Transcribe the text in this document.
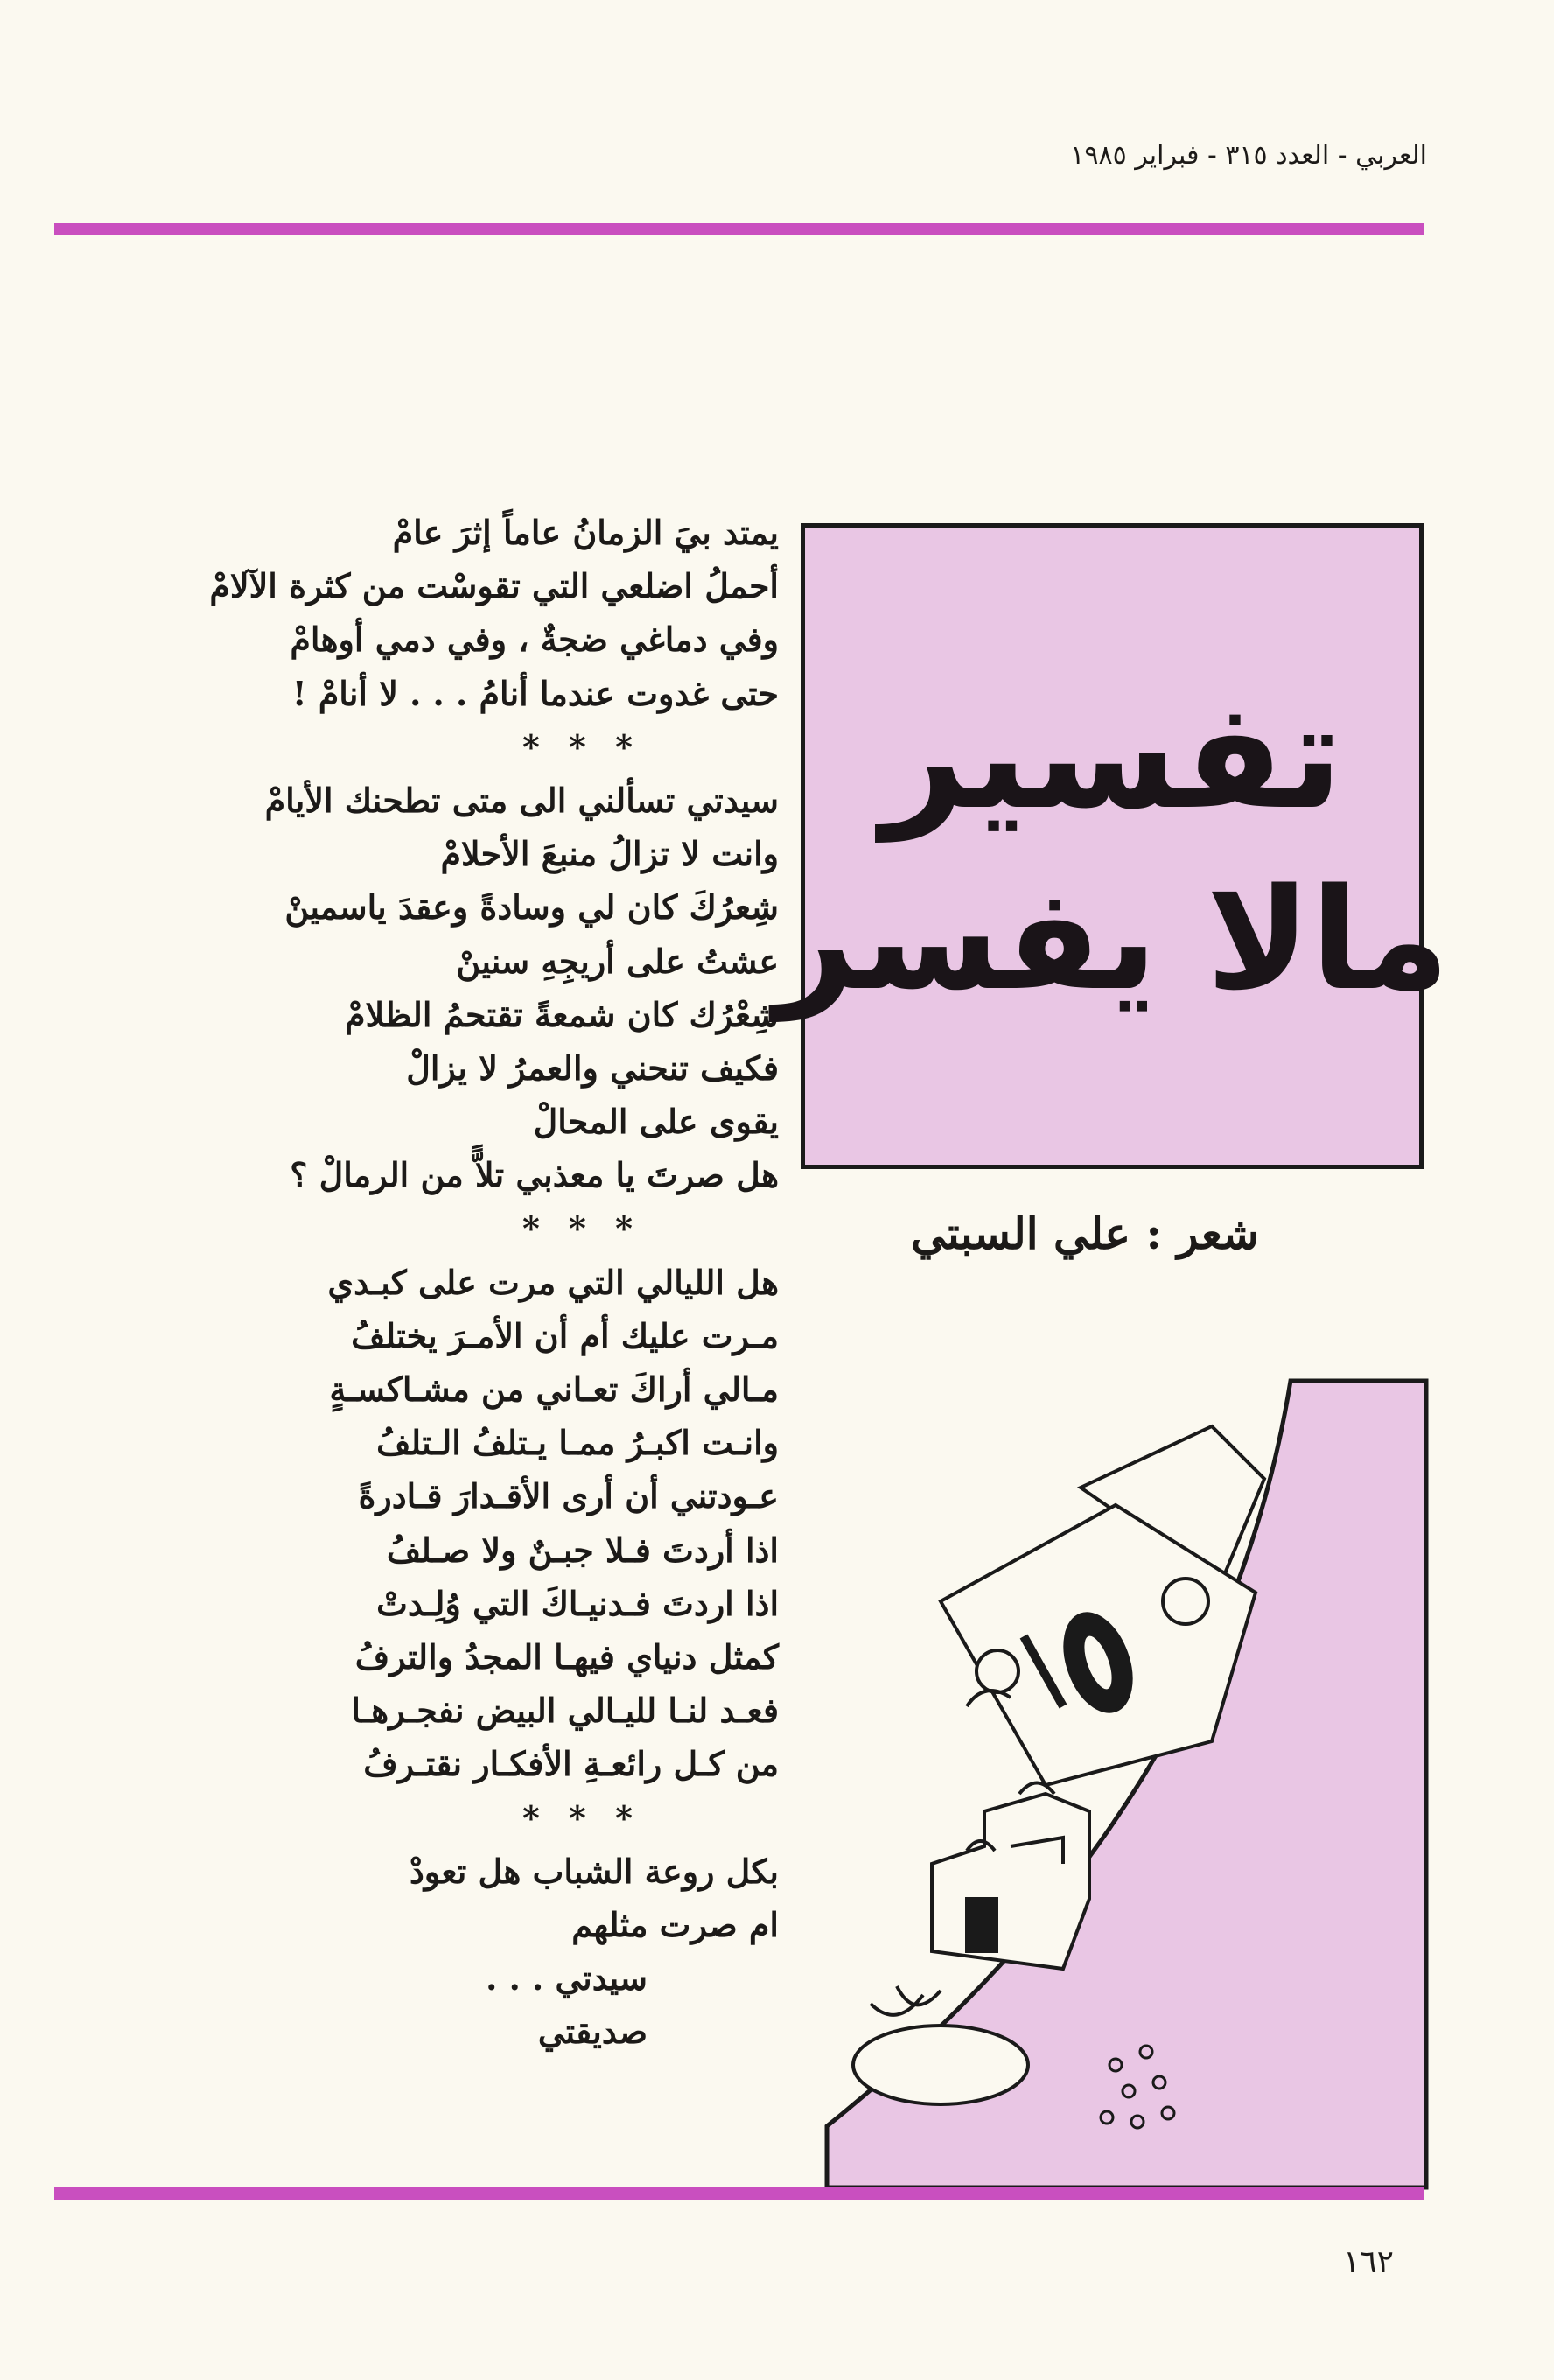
العربي - العدد ٣١٥ - فبراير ١٩٨٥
يمتد بيَ الزمانُ عاماً إثرَ عامْ
أحملُ اضلعي التي تقوسْت من كثرة الآلامْ
وفي دماغي ضجةٌ ، وفي دمي أوهامْ
حتى غدوت عندما أنامُ . . . لا أنامْ !
* * *
سيدتي تسألني الى متى تطحنك الأيامْ
وانت لا تزالُ منبعَ الأحلامْ
شِعرُكَ كان لي وسادةً وعقدَ ياسمينْ
عشتُ على أريجِهِ سنينْ
شِعْرُك كان شمعةً تقتحمُ الظلامْ
فكيف تنحني والعمرُ لا يزالْ
يقوى على المحالْ
هل صرتَ يا معذبي تلاًّ من الرمالْ ؟
* * *
هل الليالي التي مرت على كبـدي
مـرت عليك أم أن الأمـرَ يختلفُ
مـالي أراكَ تعـاني من مشـاكسـةٍ
وانـت اكبـرُ ممـا يـتلفُ الـتلفُ
عـودتني أن أرى الأقـدارَ قـادرةً
اذا أردتَ فـلا جبـنٌ ولا صـلفُ
اذا اردتَ فـدنيـاكَ التي وُلِـدتْ
كمثل دنياي فيهـا المجدُ والترفُ
فعـد لنـا لليـالي البيض نفجـرهـا
من كـل رائعـةِ الأفكـار نقتـرفُ
* * *
بكل روعة الشباب هل تعودْ
ام صرت مثلهم
سيدتي . . .
صديقتي
تفسير
مالا يفسر
شعر : علي السبتي
١٦٢
